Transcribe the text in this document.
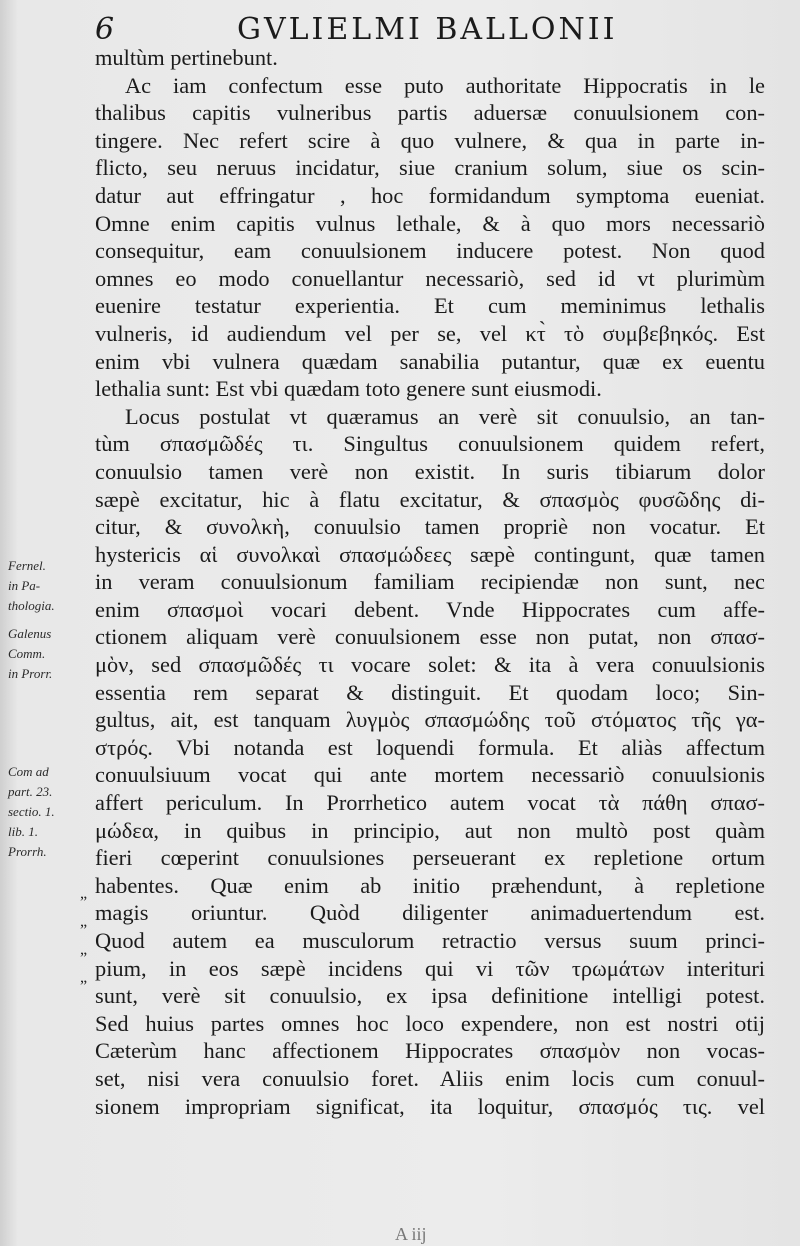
6	GVLIELMI BALLONII
multùm pertinebunt.
Ac iam confectum esse puto authoritate Hippocratis in le
thalibus capitis vulneribus partis aduersæ conuulsionem con-
tingere. Nec refert scire à quo vulnere, & qua in parte in-
flicto, seu neruus incidatur, siue cranium solum, siue os scin-
datur aut effringatur , hoc formidandum symptoma eueniat.
Omne enim capitis vulnus lethale, & à quo mors necessariò
consequitur, eam conuulsionem inducere potest. Non quod
omnes eo modo conuellantur necessariò, sed id vt plurimùm
euenire testatur experientia. Et cum meminimus lethalis
vulneris, id audiendum vel per se, vel κτ̀ τὸ συμβεβηκός. Est
enim vbi vulnera quædam sanabilia putantur, quæ ex euentu
lethalia sunt: Est vbi quædam toto genere sunt eiusmodi.
Locus postulat vt quæramus an verè sit conuulsio, an tan-
tùm σπασμῶδές τι. Singultus conuulsionem quidem refert,
conuulsio tamen verè non existit. In suris tibiarum dolor
sæpè excitatur, hic à flatu excitatur, & σπασμὸς φυσῶδης di-
citur, & συνολκὴ, conuulsio tamen propriè non vocatur. Et
hystericis αἱ συνολκαὶ σπασμώδεες sæpè contingunt, quæ tamen
in veram conuulsionum familiam recipiendæ non sunt, nec
enim σπασμοὶ vocari debent. Vnde Hippocrates cum affe-
ctionem aliquam verè conuulsionem esse non putat, non σπασ-
μὸν, sed σπασμῶδές τι vocare solet: & ita à vera conuulsionis
essentia rem separat & distinguit. Et quodam loco; Sin-
gultus, ait, est tanquam λυγμὸς σπασμώδης τοῦ στόματος τῆς γα-
στρός. Vbi notanda est loquendi formula. Et aliàs affectum
conuulsiuum vocat qui ante mortem necessariò conuulsionis
affert periculum. In Prorrhetico autem vocat τὰ πάθη σπασ-
μώδεα, in quibus in principio, aut non multò post quàm
fieri cœperint conuulsiones perseuerant ex repletione ortum
habentes. Quæ enim ab initio præhendunt, à repletione
magis oriuntur. Quòd diligenter animaduertendum est.
Quod autem ea musculorum retractio versus suum princi-
pium, in eos sæpè incidens qui vi τῶν τρωμάτων interituri
sunt, verè sit conuulsio, ex ipsa definitione intelligi potest.
Sed huius partes omnes hoc loco expendere, non est nostri otij
Cæterùm hanc affectionem Hippocrates σπασμὸν non vocas-
set, nisi vera conuulsio foret. Aliis enim locis cum conuul-
sionem impropriam significat, ita loquitur, σπασμός τις. vel
Fernel.
in Pa-
thologia.
Galenus
Comm.
in Prorr.
Com ad
part. 23.
sectio. 1.
lib. 1.
Prorrh.
„
„
„
„
A iij
